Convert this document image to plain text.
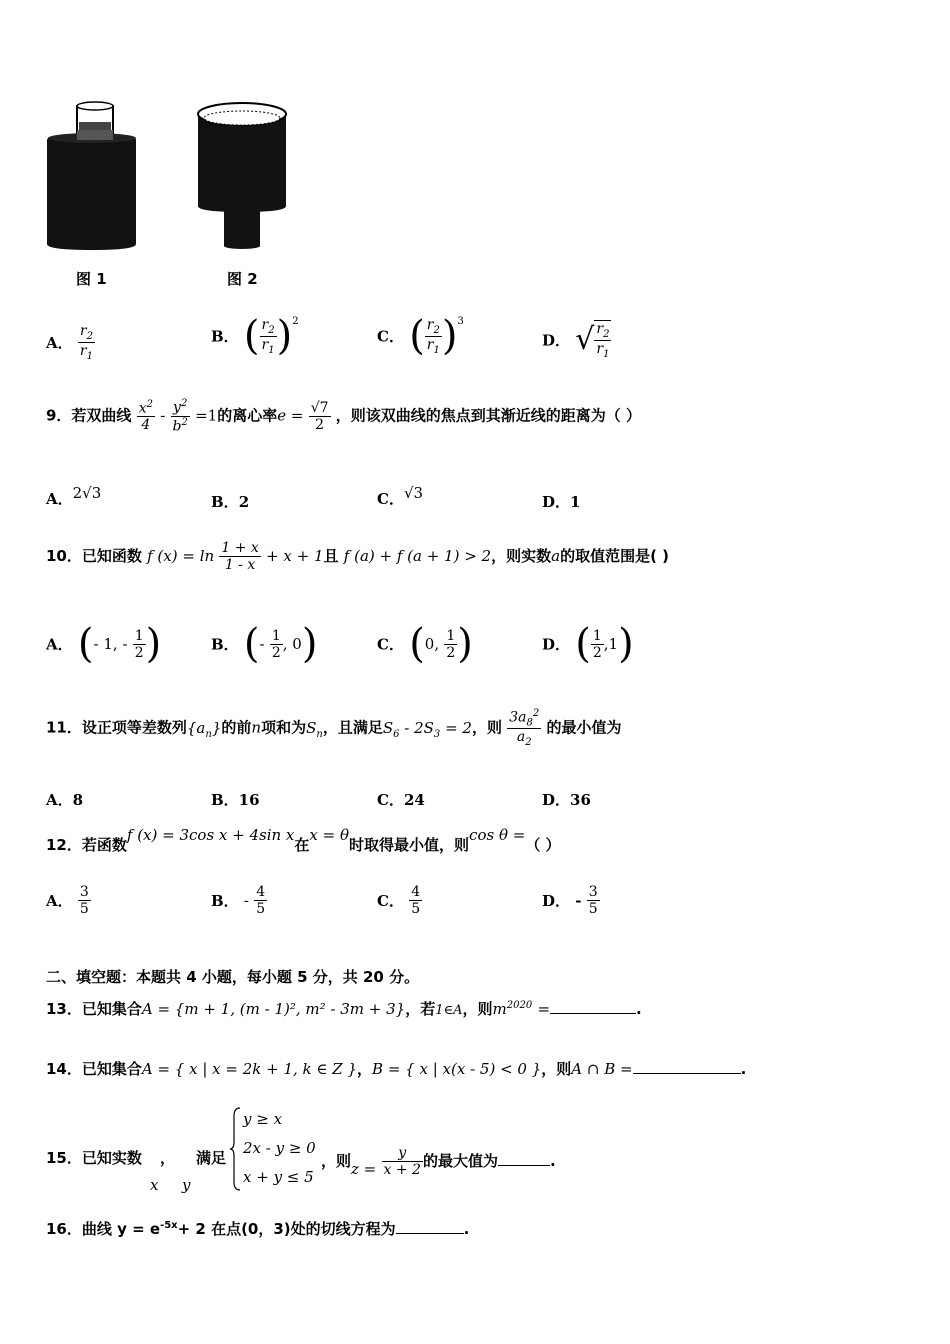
图 1	图 2
A． $\frac{r_2}{r_1}$	B． ( $\frac{r_2}{r_1} )^2$
C． ( $\frac{r_2}{r_1} )^3$
D． √ $\frac{r_2}{r_1}$
9．若双曲线 $\frac{x^2}{4} - \frac{y^2}{b^2} =1$的离心率$e = \frac{√7}{2}$ ，则该双曲线的焦点到其渐近线的距离为（ ）
A．2√3	B．2	C．√3	D．1
10．已知函数 f $(x) = \ln \frac{1 + x}{1 - x} + x + 1$且 f (a) + f (a + 1) > 2，则实数a的取值范围是( )
A． (- 1, - $\frac{1}{2}$ )	B． (- $\frac{1}{2}$ , 0)	C． (0, $\frac{1}{2}$ )	D． ( $\frac{1}{2} ,1$)
11．设正项等差数列$\{a_n\}$的前n项和为$S_n$，且满足$S_6 - 2S_3 = 2$，则 $\frac{3a_8^2}{a_2}$ 的最小值为
A．8	B．16	C．24	D．36
12．若函数f (x) = 3cos x + 4sin x在x = θ时取得最小值，则cos θ =（ ）
A． $\frac{3}{5}$	B． - $\frac{4}{5}$	C． $\frac{4}{5}$	D． - $\frac{3}{5}$
二、填空题：本题共 4 小题，每小题 5 分，共 20 分。
13．已知集合A = {m + 1, (m - 1)², m² - 3m + 3}，若1∈A，则$m^{2020}$ =	.
14．已知集合A = { x | x = 2k + 1, k ∈ Z }，B = { x | x(x - 5) < 0 }，则A ∩ B =	.
15．已知实数 ，
x y
满足
y ≥ x
2x - y ≥ 0
x + y ≤ 5
，则$z = \frac{y}{x + 2}$ 的最大值为	.
16．曲线 $y = e^{-5x}+ 2$ 在点(0，3)处的切线方程为	.
